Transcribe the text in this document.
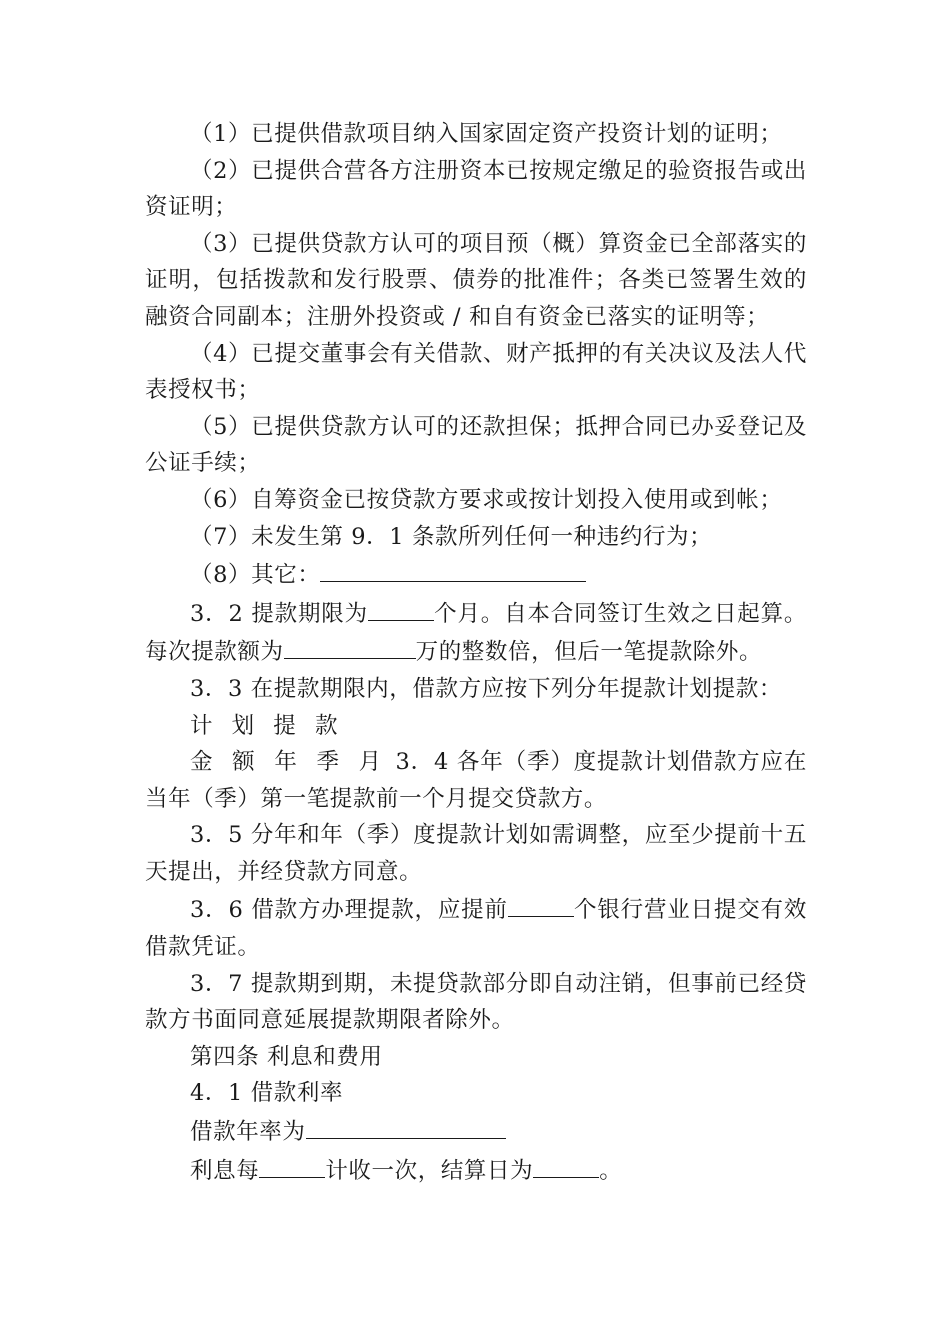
（1）已提供借款项目纳入国家固定资产投资计划的证明；

（2）已提供合营各方注册资本已按规定缴足的验资报告或出资证明；

（3）已提供贷款方认可的项目预（概）算资金已全部落实的证明，包括拨款和发行股票、债券的批准件；各类已签署生效的融资合同副本；注册外投资或 / 和自有资金已落实的证明等；

（4）已提交董事会有关借款、财产抵押的有关决议及法人代表授权书；

（5）已提供贷款方认可的还款担保；抵押合同已办妥登记及公证手续；

（6）自筹资金已按贷款方要求或按计划投入使用或到帐；

（7）未发生第 9．1 条款所列任何一种违约行为；

（8）其它：

3．2 提款期限为	个月。自本合同签订生效之日起算。每次提款额为	万的整数倍，但后一笔提款除外。

3．3 在提款期限内，借款方应按下列分年提款计划提款：

计 划 提 款

金 额 年 季 月 3．4 各年（季）度提款计划借款方应在当年（季）第一笔提款前一个月提交贷款方。

3．5 分年和年（季）度提款计划如需调整，应至少提前十五天提出，并经贷款方同意。

3．6 借款方办理提款，应提前	个银行营业日提交有效借款凭证。

3．7 提款期到期，未提贷款部分即自动注销，但事前已经贷款方书面同意延展提款期限者除外。

第四条 利息和费用

4．1 借款利率

借款年率为

利息每	计收一次，结算日为	。
